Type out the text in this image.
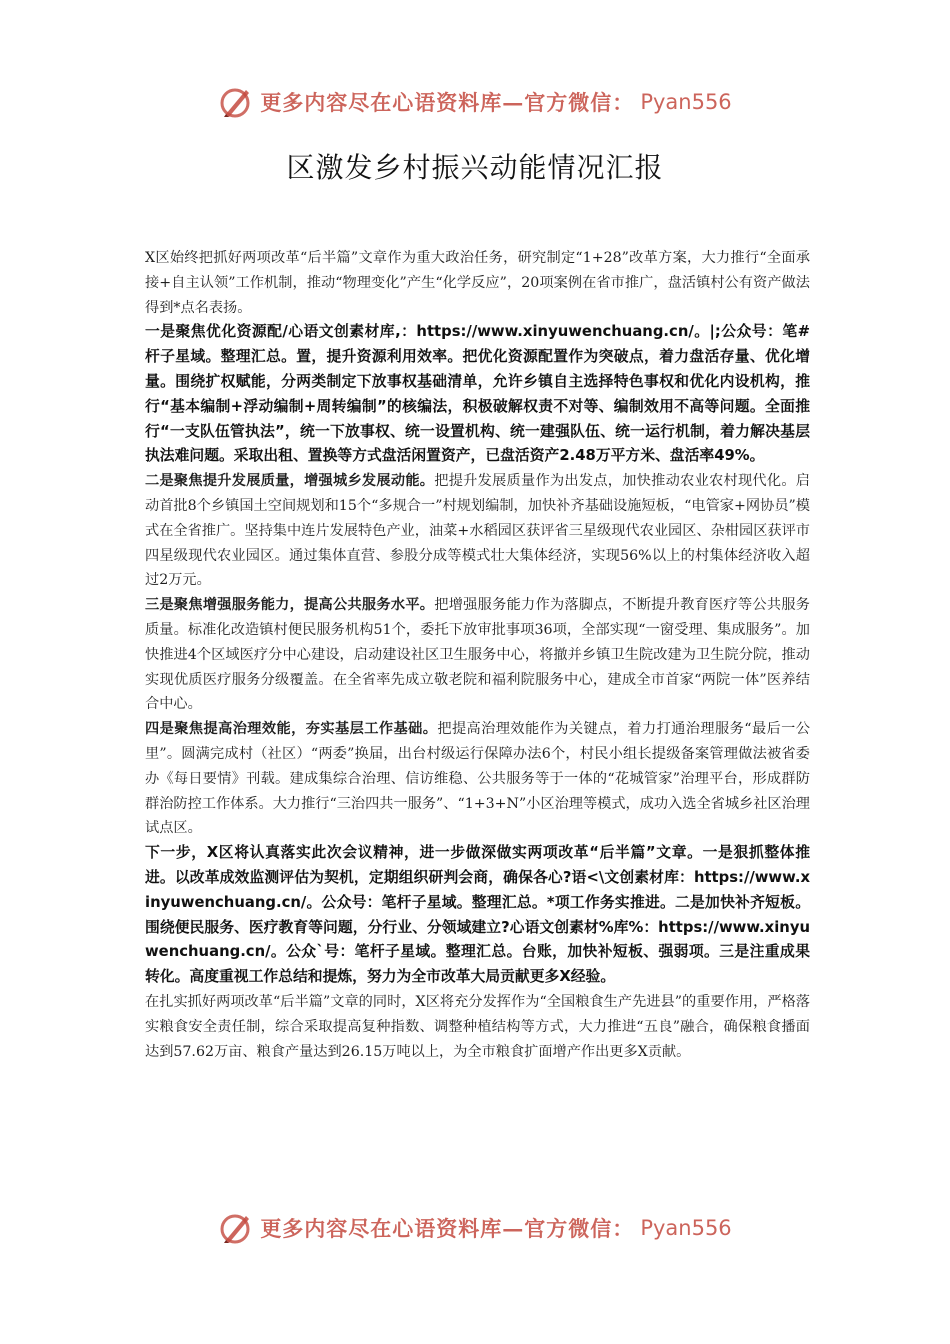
更多内容尽在心语资料库—官方微信： Pyan556
区激发乡村振兴动能情况汇报

X区始终把抓好两项改革“后半篇”文章作为重大政治任务，研究制定“1+28”改革方案，大力推行“全面承接+自主认领”工作机制，推动“物理变化”产生“化学反应”，20项案例在省市推广，盘活镇村公有资产做法得到*点名表扬。

一是聚焦优化资源配/心语文创素材库,：https://www.xinyuwenchuang.cn/。|;公众号：笔#杆子星域。整理汇总。置，提升资源利用效率。把优化资源配置作为突破点，着力盘活存量、优化增量。围绕扩权赋能，分两类制定下放事权基础清单，允许乡镇自主选择特色事权和优化内设机构，推行“基本编制+浮动编制+周转编制”的核编法，积极破解权责不对等、编制效用不高等问题。全面推行“一支队伍管执法”，统一下放事权、统一设置机构、统一建强队伍、统一运行机制，着力解决基层执法难问题。采取出租、置换等方式盘活闲置资产，已盘活资产2.48万平方米、盘活率49%。

二是聚焦提升发展质量，增强城乡发展动能。把提升发展质量作为出发点，加快推动农业农村现代化。启动首批8个乡镇国土空间规划和15个“多规合一”村规划编制，加快补齐基础设施短板，“电管家+网协员”模式在全省推广。坚持集中连片发展特色产业，油菜+水稻园区获评省三星级现代农业园区、杂柑园区获评市四星级现代农业园区。通过集体直营、参股分成等模式壮大集体经济，实现56%以上的村集体经济收入超过2万元。

三是聚焦增强服务能力，提高公共服务水平。把增强服务能力作为落脚点，不断提升教育医疗等公共服务质量。标准化改造镇村便民服务机构51个，委托下放审批事项36项，全部实现“一窗受理、集成服务”。加快推进4个区域医疗分中心建设，启动建设社区卫生服务中心，将撤并乡镇卫生院改建为卫生院分院，推动实现优质医疗服务分级覆盖。在全省率先成立敬老院和福利院服务中心，建成全市首家“两院一体”医养结合中心。

四是聚焦提高治理效能，夯实基层工作基础。把提高治理效能作为关键点，着力打通治理服务“最后一公里”。圆满完成村（社区）“两委”换届，出台村级运行保障办法6个，村民小组长提级备案管理做法被省委办《每日要情》刊载。建成集综合治理、信访维稳、公共服务等于一体的“花城管家”治理平台，形成群防群治防控工作体系。大力推行“三治四共一服务”、“1+3+N”小区治理等模式，成功入选全省城乡社区治理试点区。

下一步，X区将认真落实此次会议精神，进一步做深做实两项改革“后半篇”文章。一是狠抓整体推进。以改革成效监测评估为契机，定期组织研判会商，确保各心?语<\文创素材库：https://www.xinyuwenchuang.cn/。公众号：笔杆子星域。整理汇总。*项工作务实推进。二是加快补齐短板。围绕便民服务、医疗教育等问题，分行业、分领域建立?心语文创素材%库%：https://www.xinyuwenchuang.cn/。公众`号：笔杆子星域。整理汇总。台账，加快补短板、强弱项。三是注重成果转化。高度重视工作总结和提炼，努力为全市改革大局贡献更多X经验。

在扎实抓好两项改革“后半篇”文章的同时，X区将充分发挥作为“全国粮食生产先进县”的重要作用，严格落实粮食安全责任制，综合采取提高复种指数、调整种植结构等方式，大力推进“五良”融合，确保粮食播面达到57.62万亩、粮食产量达到26.15万吨以上，为全市粮食扩面增产作出更多X贡献。

更多内容尽在心语资料库—官方微信： Pyan556
